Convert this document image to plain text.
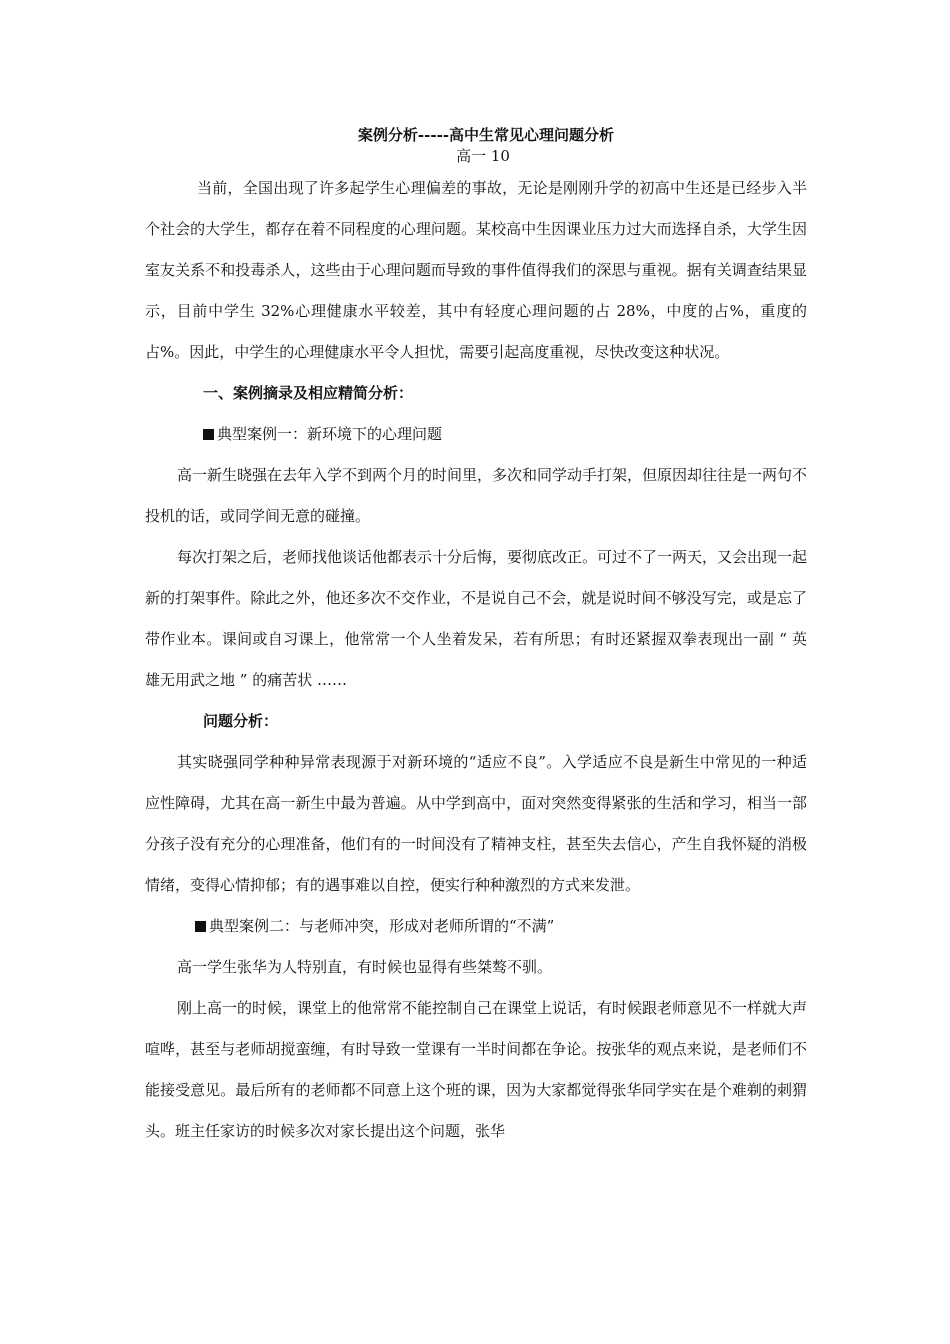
案例分析-----高中生常见心理问题分析

高一 10

当前，全国出现了许多起学生心理偏差的事故，无论是刚刚升学的初高中生还是已经步入半个社会的大学生，都存在着不同程度的心理问题。某校高中生因课业压力过大而选择自杀，大学生因室友关系不和投毒杀人，这些由于心理问题而导致的事件值得我们的深思与重视。据有关调查结果显示，目前中学生 32%心理健康水平较差，其中有轻度心理问题的占 28%，中度的占%，重度的占%。因此，中学生的心理健康水平令人担忧，需要引起高度重视，尽快改变这种状况。

一、案例摘录及相应精简分析：

典型案例一：新环境下的心理问题

高一新生晓强在去年入学不到两个月的时间里，多次和同学动手打架，但原因却往往是一两句不投机的话，或同学间无意的碰撞。

每次打架之后，老师找他谈话他都表示十分后悔，要彻底改正。可过不了一两天，又会出现一起新的打架事件。除此之外，他还多次不交作业，不是说自己不会，就是说时间不够没写完，或是忘了带作业本。课间或自习课上，他常常一个人坐着发呆，若有所思；有时还紧握双拳表现出一副 “ 英雄无用武之地 ” 的痛苦状 ……

问题分析：

其实晓强同学种种异常表现源于对新环境的“适应不良”。入学适应不良是新生中常见的一种适应性障碍，尤其在高一新生中最为普遍。从中学到高中，面对突然变得紧张的生活和学习，相当一部分孩子没有充分的心理准备，他们有的一时间没有了精神支柱，甚至失去信心，产生自我怀疑的消极情绪，变得心情抑郁；有的遇事难以自控，便实行种种激烈的方式来发泄。

典型案例二：与老师冲突，形成对老师所谓的“不满”

高一学生张华为人特别直，有时候也显得有些桀骜不驯。

刚上高一的时候，课堂上的他常常不能控制自己在课堂上说话，有时候跟老师意见不一样就大声喧哗，甚至与老师胡搅蛮缠，有时导致一堂课有一半时间都在争论。按张华的观点来说，是老师们不能接受意见。最后所有的老师都不同意上这个班的课，因为大家都觉得张华同学实在是个难剃的刺猬头。班主任家访的时候多次对家长提出这个问题，张华
